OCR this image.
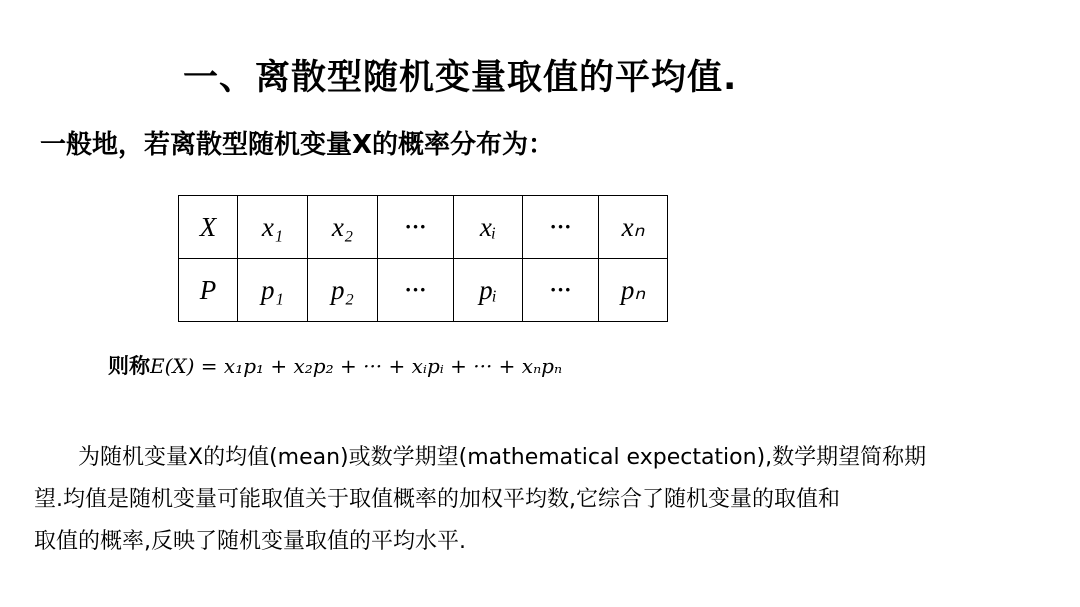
一、离散型随机变量取值的平均值.
一般地，若离散型随机变量X的概率分布为：
X	x₁	x₂	···	xᵢ	···	xₙ
P	p₁	p₂	···	pᵢ	···	pₙ
则称E(X) = x₁p₁ + x₂p₂ + ··· + xᵢpᵢ + ··· + xₙpₙ
为随机变量X的均值(mean)或数学期望(mathematical expectation),数学期望简称期
望.均值是随机变量可能取值关于取值概率的加权平均数,它综合了随机变量的取值和
取值的概率,反映了随机变量取值的平均水平.
